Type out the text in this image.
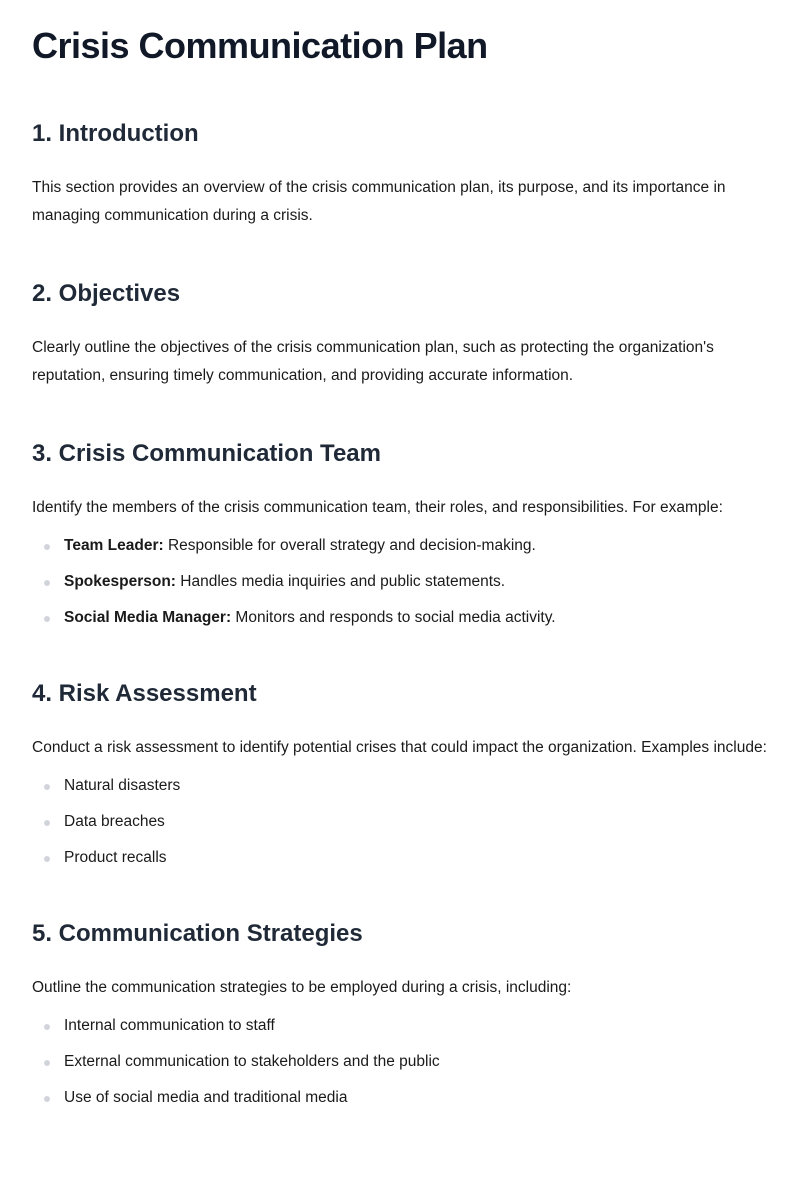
Crisis Communication Plan
1. Introduction

This section provides an overview of the crisis communication plan, its purpose, and its importance in managing communication during a crisis.

2. Objectives

Clearly outline the objectives of the crisis communication plan, such as protecting the organization's reputation, ensuring timely communication, and providing accurate information.

3. Crisis Communication Team

Identify the members of the crisis communication team, their roles, and responsibilities. For example:

Team Leader: Responsible for overall strategy and decision-making.
Spokesperson: Handles media inquiries and public statements.
Social Media Manager: Monitors and responds to social media activity.
4. Risk Assessment

Conduct a risk assessment to identify potential crises that could impact the organization. Examples include:

Natural disasters
Data breaches
Product recalls
5. Communication Strategies

Outline the communication strategies to be employed during a crisis, including:

Internal communication to staff
External communication to stakeholders and the public
Use of social media and traditional media
